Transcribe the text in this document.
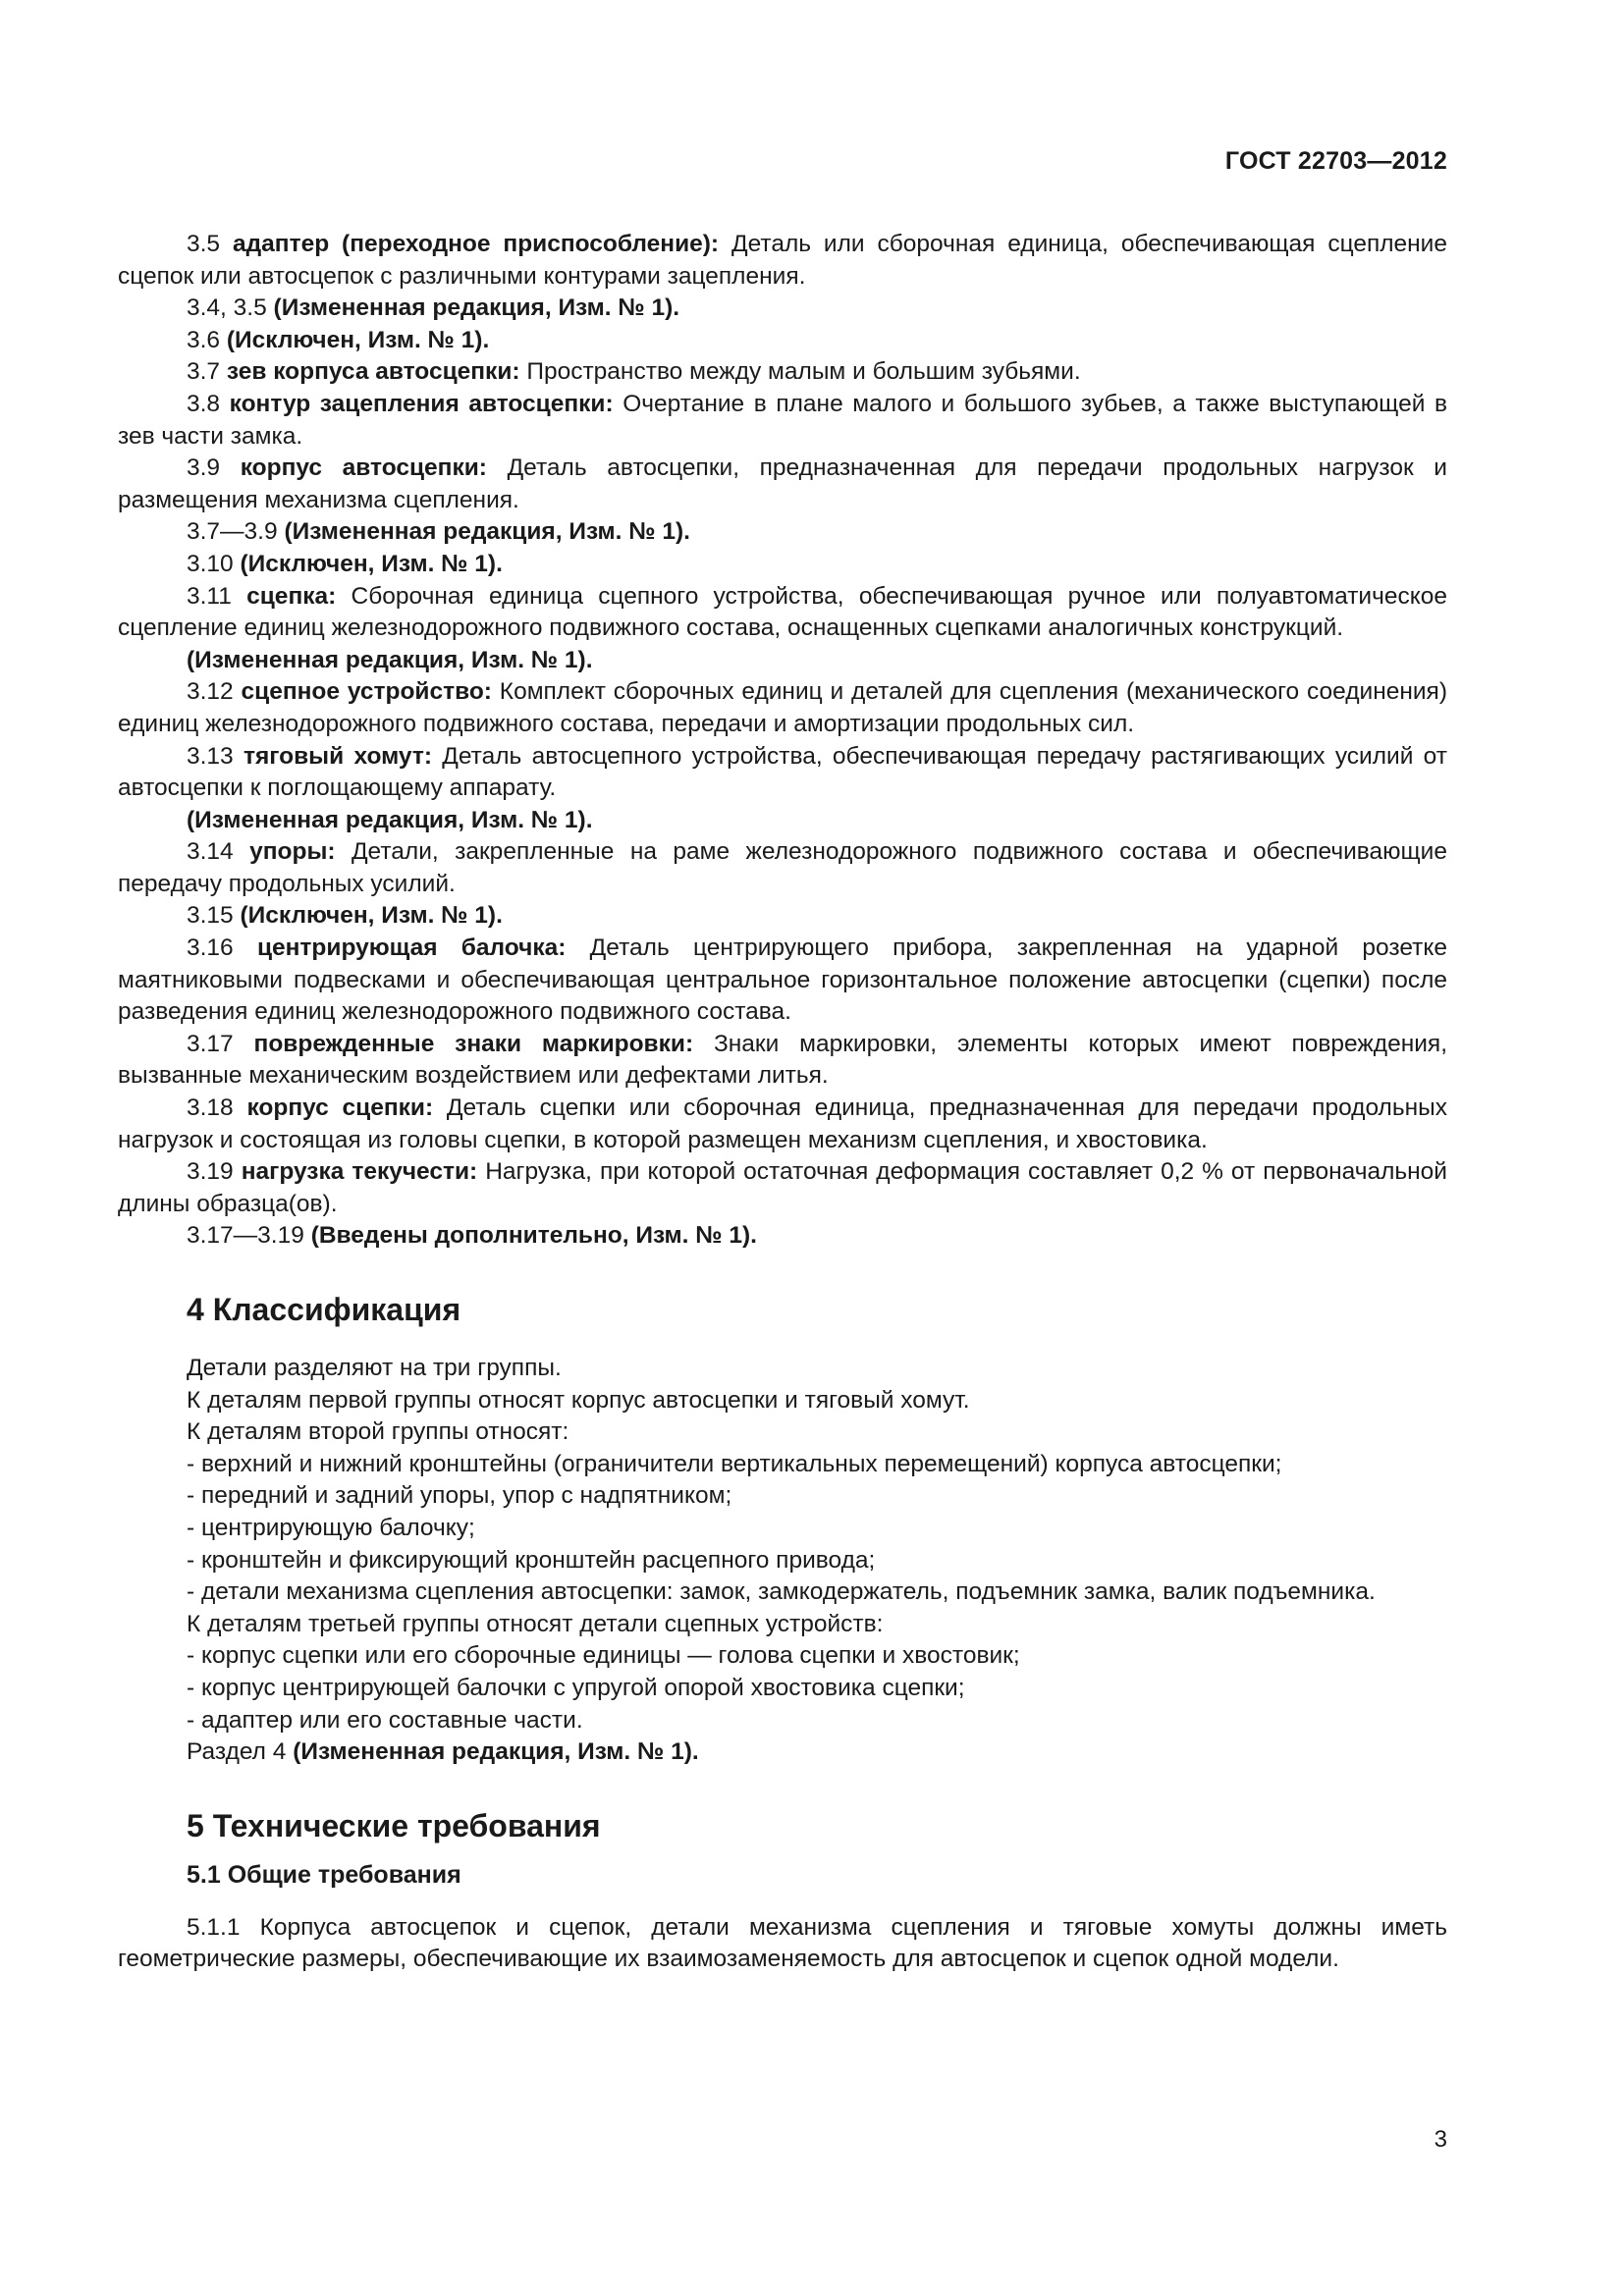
ГОСТ 22703—2012

3.5 адаптер (переходное приспособление): Деталь или сборочная единица, обеспечивающая сцепление сцепок или автосцепок с различными контурами зацепления.

3.4, 3.5 (Измененная редакция, Изм. № 1).

3.6 (Исключен, Изм. № 1).

3.7 зев корпуса автосцепки: Пространство между малым и большим зубьями.

3.8 контур зацепления автосцепки: Очертание в плане малого и большого зубьев, а также выступающей в зев части замка.

3.9 корпус автосцепки: Деталь автосцепки, предназначенная для передачи продольных нагрузок и размещения механизма сцепления.

3.7—3.9 (Измененная редакция, Изм. № 1).

3.10 (Исключен, Изм. № 1).

3.11 сцепка: Сборочная единица сцепного устройства, обеспечивающая ручное или полуавтоматическое сцепление единиц железнодорожного подвижного состава, оснащенных сцепками аналогичных конструкций.

(Измененная редакция, Изм. № 1).

3.12 сцепное устройство: Комплект сборочных единиц и деталей для сцепления (механического соединения) единиц железнодорожного подвижного состава, передачи и амортизации продольных сил.

3.13 тяговый хомут: Деталь автосцепного устройства, обеспечивающая передачу растягивающих усилий от автосцепки к поглощающему аппарату.

(Измененная редакция, Изм. № 1).

3.14 упоры: Детали, закрепленные на раме железнодорожного подвижного состава и обеспечивающие передачу продольных усилий.

3.15 (Исключен, Изм. № 1).

3.16 центрирующая балочка: Деталь центрирующего прибора, закрепленная на ударной розетке маятниковыми подвесками и обеспечивающая центральное горизонтальное положение автосцепки (сцепки) после разведения единиц железнодорожного подвижного состава.

3.17 поврежденные знаки маркировки: Знаки маркировки, элементы которых имеют повреждения, вызванные механическим воздействием или дефектами литья.

3.18 корпус сцепки: Деталь сцепки или сборочная единица, предназначенная для передачи продольных нагрузок и состоящая из головы сцепки, в которой размещен механизм сцепления, и хвостовика.

3.19 нагрузка текучести: Нагрузка, при которой остаточная деформация составляет 0,2 % от первоначальной длины образца(ов).

3.17—3.19 (Введены дополнительно, Изм. № 1).

4 Классификация

Детали разделяют на три группы.

К деталям первой группы относят корпус автосцепки и тяговый хомут.

К деталям второй группы относят:

- верхний и нижний кронштейны (ограничители вертикальных перемещений) корпуса автосцепки;

- передний и задний упоры, упор с надпятником;

- центрирующую балочку;

- кронштейн и фиксирующий кронштейн расцепного привода;

- детали механизма сцепления автосцепки: замок, замкодержатель, подъемник замка, валик подъемника.

К деталям третьей группы относят детали сцепных устройств:

- корпус сцепки или его сборочные единицы — голова сцепки и хвостовик;

- корпус центрирующей балочки с упругой опорой хвостовика сцепки;

- адаптер или его составные части.

Раздел 4 (Измененная редакция, Изм. № 1).

5 Технические требования
5.1 Общие требования

5.1.1 Корпуса автосцепок и сцепок, детали механизма сцепления и тяговые хомуты должны иметь геометрические размеры, обеспечивающие их взаимозаменяемость для автосцепок и сцепок одной модели.

3
